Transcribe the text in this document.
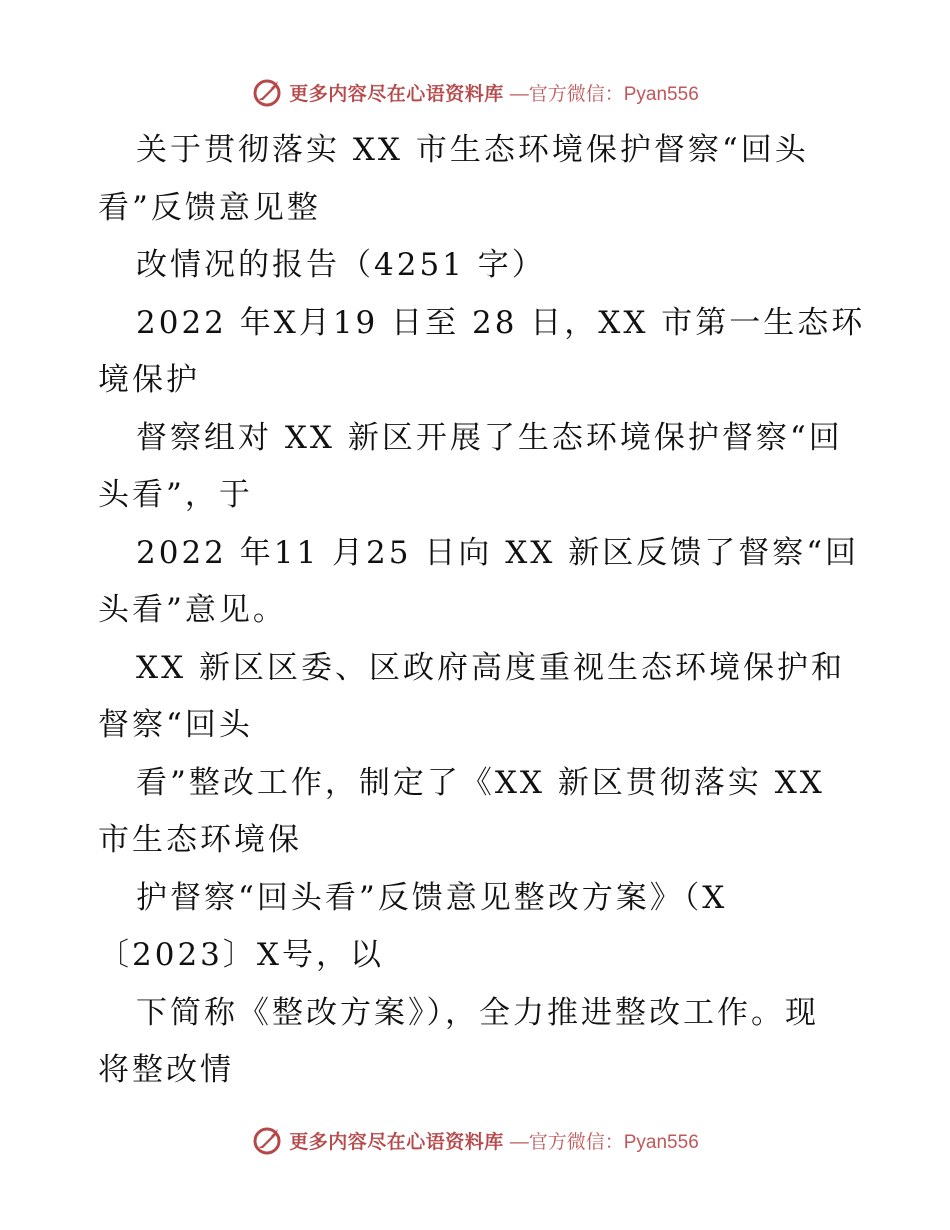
更多内容尽在心语资料库 —官方微信：Pyan556
关于贯彻落实 XX 市生态环境保护督察“回头
看”反馈意见整
改情况的报告（4251 字）
2022 年X月19 日至 28 日，XX 市第一生态环
境保护
督察组对 XX 新区开展了生态环境保护督察“回
头看”，于
2022 年11 月25 日向 XX 新区反馈了督察“回
头看”意见。
XX 新区区委、区政府高度重视生态环境保护和
督察“回头
看”整改工作，制定了《XX 新区贯彻落实 XX
市生态环境保
护督察“回头看”反馈意见整改方案》（X
〔2023〕X号，以
下简称《整改方案》），全力推进整改工作。现
将整改情
更多内容尽在心语资料库 —官方微信：Pyan556
